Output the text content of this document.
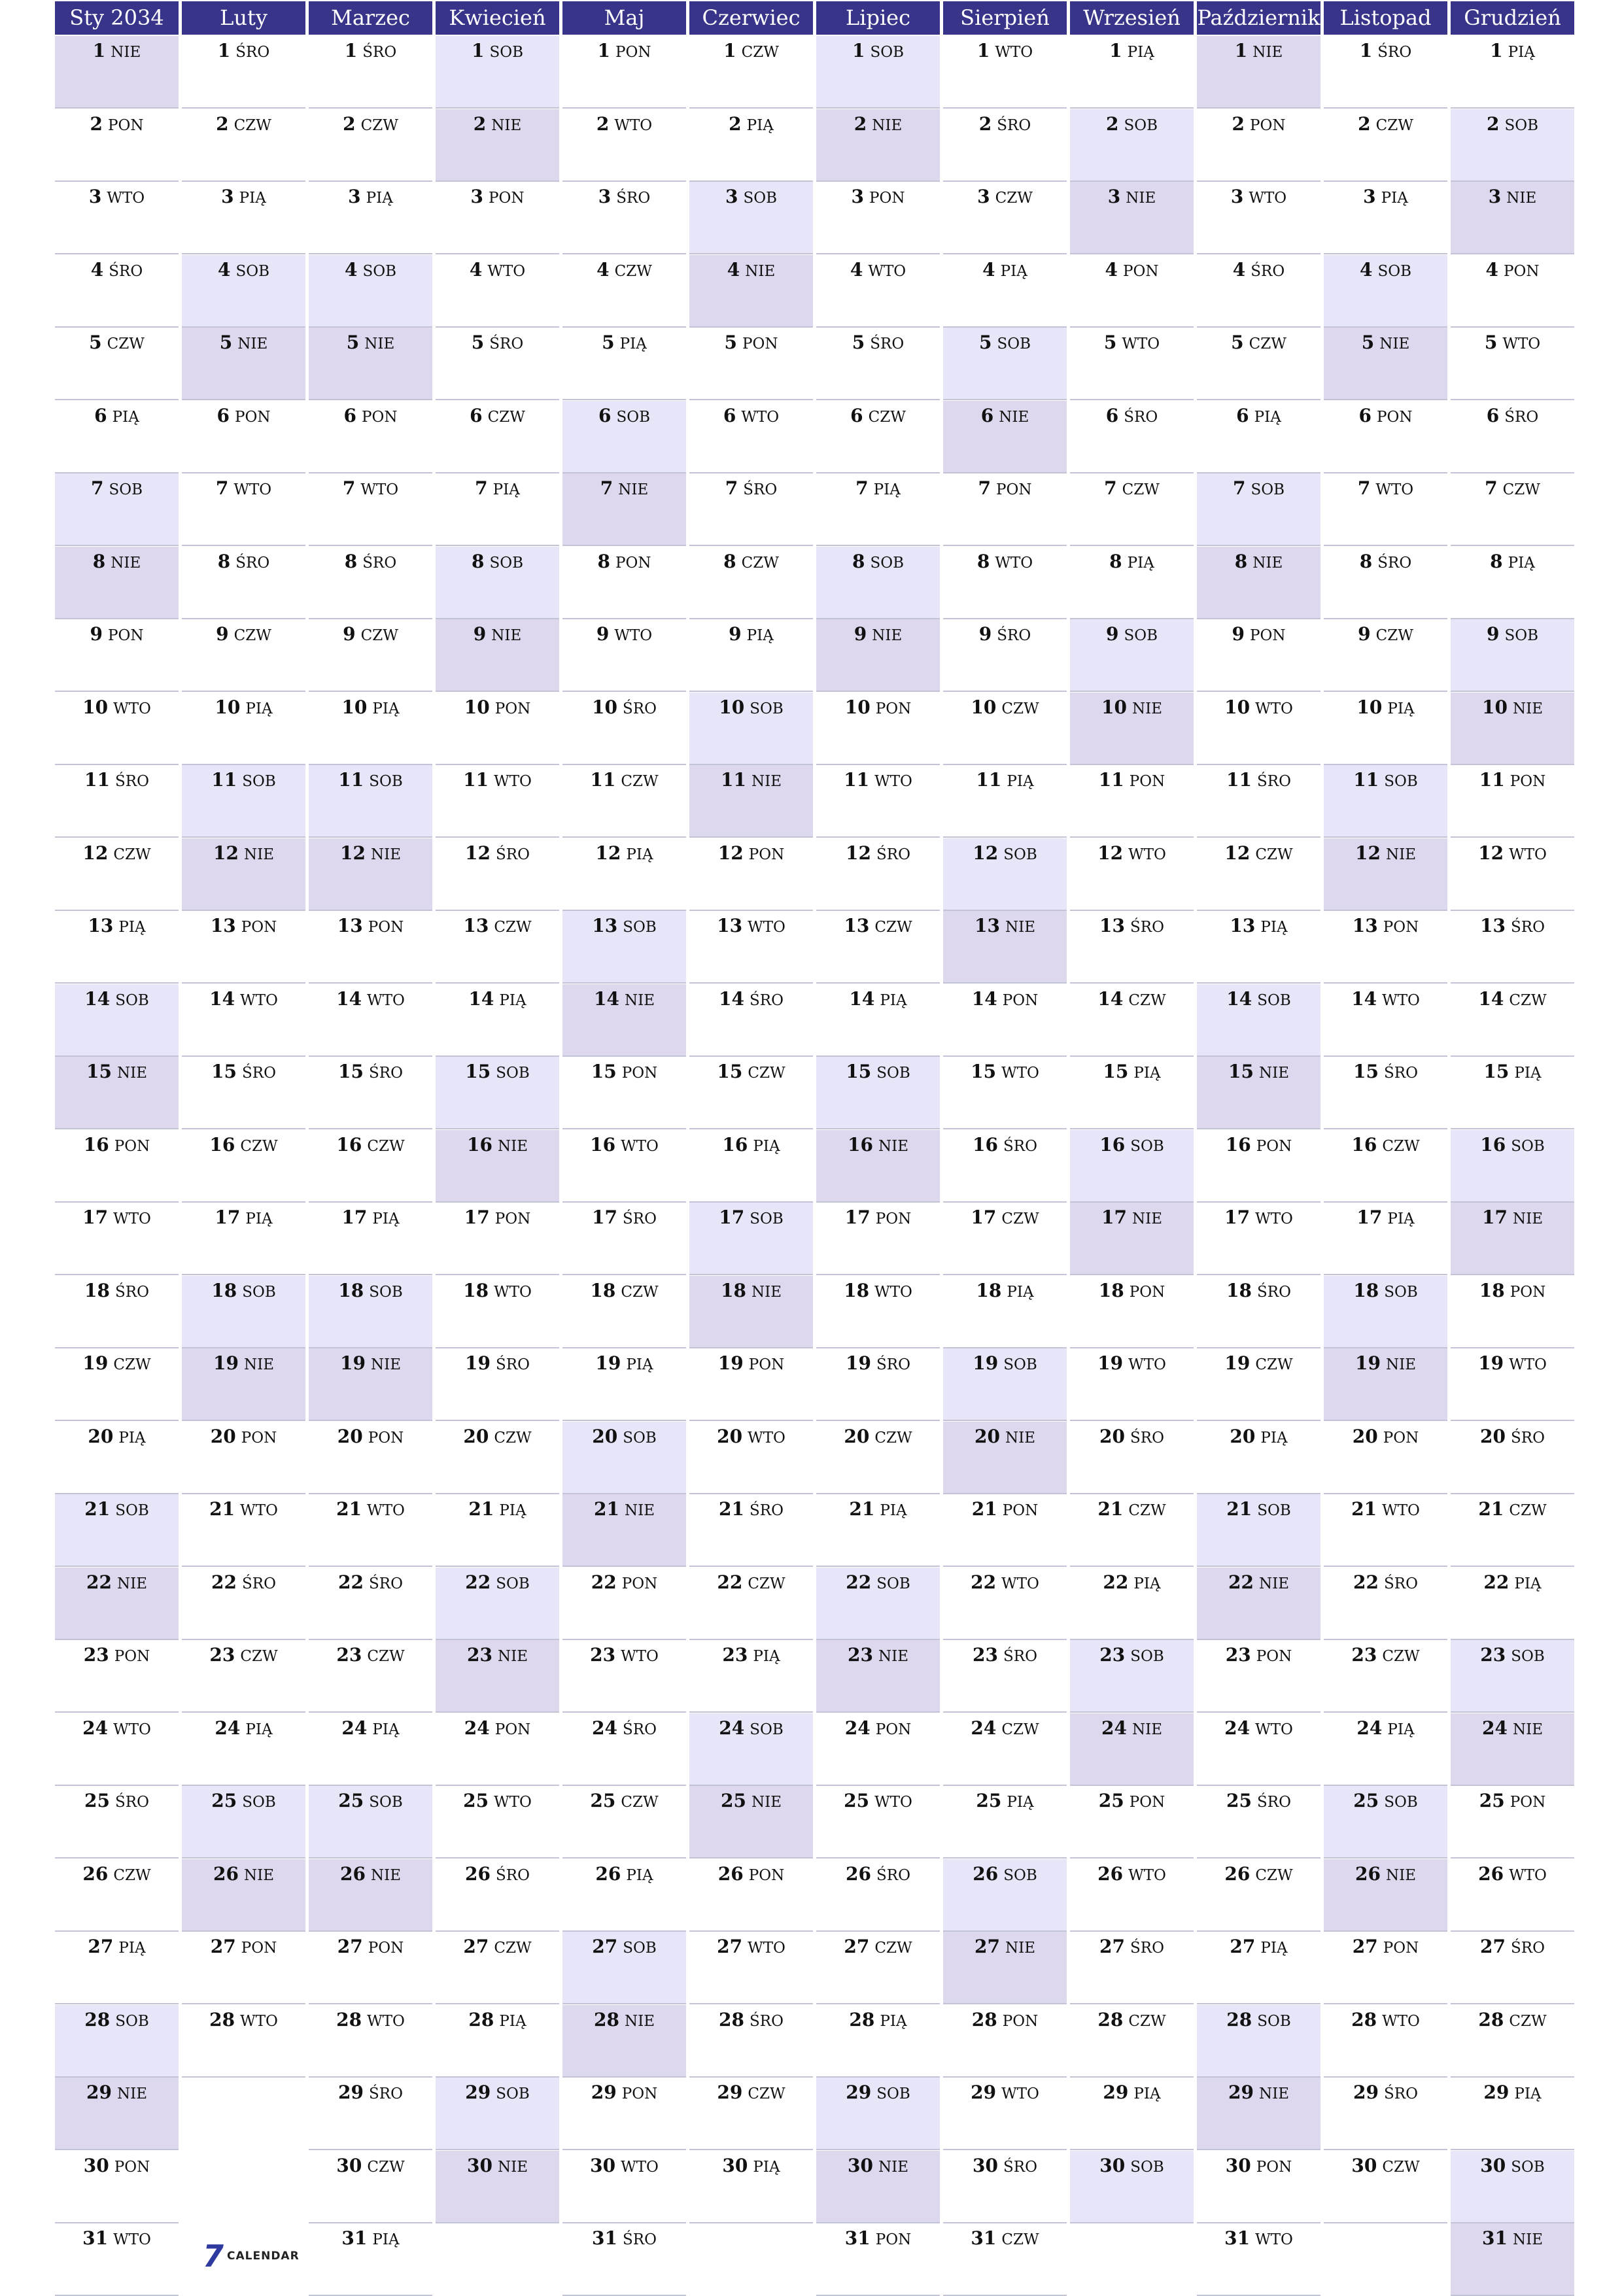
Sty 2034
1 NIE
2 PON
3 WTO
4 ŚRO
5 CZW
6 PIĄ
7 SOB
8 NIE
9 PON
10 WTO
11 ŚRO
12 CZW
13 PIĄ
14 SOB
15 NIE
16 PON
17 WTO
18 ŚRO
19 CZW
20 PIĄ
21 SOB
22 NIE
23 PON
24 WTO
25 ŚRO
26 CZW
27 PIĄ
28 SOB
29 NIE
30 PON
31 WTO
Luty
1 ŚRO
2 CZW
3 PIĄ
4 SOB
5 NIE
6 PON
7 WTO
8 ŚRO
9 CZW
10 PIĄ
11 SOB
12 NIE
13 PON
14 WTO
15 ŚRO
16 CZW
17 PIĄ
18 SOB
19 NIE
20 PON
21 WTO
22 ŚRO
23 CZW
24 PIĄ
25 SOB
26 NIE
27 PON
28 WTO
Marzec
1 ŚRO
2 CZW
3 PIĄ
4 SOB
5 NIE
6 PON
7 WTO
8 ŚRO
9 CZW
10 PIĄ
11 SOB
12 NIE
13 PON
14 WTO
15 ŚRO
16 CZW
17 PIĄ
18 SOB
19 NIE
20 PON
21 WTO
22 ŚRO
23 CZW
24 PIĄ
25 SOB
26 NIE
27 PON
28 WTO
29 ŚRO
30 CZW
31 PIĄ
Kwiecień
1 SOB
2 NIE
3 PON
4 WTO
5 ŚRO
6 CZW
7 PIĄ
8 SOB
9 NIE
10 PON
11 WTO
12 ŚRO
13 CZW
14 PIĄ
15 SOB
16 NIE
17 PON
18 WTO
19 ŚRO
20 CZW
21 PIĄ
22 SOB
23 NIE
24 PON
25 WTO
26 ŚRO
27 CZW
28 PIĄ
29 SOB
30 NIE
Maj
1 PON
2 WTO
3 ŚRO
4 CZW
5 PIĄ
6 SOB
7 NIE
8 PON
9 WTO
10 ŚRO
11 CZW
12 PIĄ
13 SOB
14 NIE
15 PON
16 WTO
17 ŚRO
18 CZW
19 PIĄ
20 SOB
21 NIE
22 PON
23 WTO
24 ŚRO
25 CZW
26 PIĄ
27 SOB
28 NIE
29 PON
30 WTO
31 ŚRO
Czerwiec
1 CZW
2 PIĄ
3 SOB
4 NIE
5 PON
6 WTO
7 ŚRO
8 CZW
9 PIĄ
10 SOB
11 NIE
12 PON
13 WTO
14 ŚRO
15 CZW
16 PIĄ
17 SOB
18 NIE
19 PON
20 WTO
21 ŚRO
22 CZW
23 PIĄ
24 SOB
25 NIE
26 PON
27 WTO
28 ŚRO
29 CZW
30 PIĄ
Lipiec
1 SOB
2 NIE
3 PON
4 WTO
5 ŚRO
6 CZW
7 PIĄ
8 SOB
9 NIE
10 PON
11 WTO
12 ŚRO
13 CZW
14 PIĄ
15 SOB
16 NIE
17 PON
18 WTO
19 ŚRO
20 CZW
21 PIĄ
22 SOB
23 NIE
24 PON
25 WTO
26 ŚRO
27 CZW
28 PIĄ
29 SOB
30 NIE
31 PON
Sierpień
1 WTO
2 ŚRO
3 CZW
4 PIĄ
5 SOB
6 NIE
7 PON
8 WTO
9 ŚRO
10 CZW
11 PIĄ
12 SOB
13 NIE
14 PON
15 WTO
16 ŚRO
17 CZW
18 PIĄ
19 SOB
20 NIE
21 PON
22 WTO
23 ŚRO
24 CZW
25 PIĄ
26 SOB
27 NIE
28 PON
29 WTO
30 ŚRO
31 CZW
Wrzesień
1 PIĄ
2 SOB
3 NIE
4 PON
5 WTO
6 ŚRO
7 CZW
8 PIĄ
9 SOB
10 NIE
11 PON
12 WTO
13 ŚRO
14 CZW
15 PIĄ
16 SOB
17 NIE
18 PON
19 WTO
20 ŚRO
21 CZW
22 PIĄ
23 SOB
24 NIE
25 PON
26 WTO
27 ŚRO
28 CZW
29 PIĄ
30 SOB
Październik
1 NIE
2 PON
3 WTO
4 ŚRO
5 CZW
6 PIĄ
7 SOB
8 NIE
9 PON
10 WTO
11 ŚRO
12 CZW
13 PIĄ
14 SOB
15 NIE
16 PON
17 WTO
18 ŚRO
19 CZW
20 PIĄ
21 SOB
22 NIE
23 PON
24 WTO
25 ŚRO
26 CZW
27 PIĄ
28 SOB
29 NIE
30 PON
31 WTO
Listopad
1 ŚRO
2 CZW
3 PIĄ
4 SOB
5 NIE
6 PON
7 WTO
8 ŚRO
9 CZW
10 PIĄ
11 SOB
12 NIE
13 PON
14 WTO
15 ŚRO
16 CZW
17 PIĄ
18 SOB
19 NIE
20 PON
21 WTO
22 ŚRO
23 CZW
24 PIĄ
25 SOB
26 NIE
27 PON
28 WTO
29 ŚRO
30 CZW
Grudzień
1 PIĄ
2 SOB
3 NIE
4 PON
5 WTO
6 ŚRO
7 CZW
8 PIĄ
9 SOB
10 NIE
11 PON
12 WTO
13 ŚRO
14 CZW
15 PIĄ
16 SOB
17 NIE
18 PON
19 WTO
20 ŚRO
21 CZW
22 PIĄ
23 SOB
24 NIE
25 PON
26 WTO
27 ŚRO
28 CZW
29 PIĄ
30 SOB
31 NIE
7 CALENDAR
